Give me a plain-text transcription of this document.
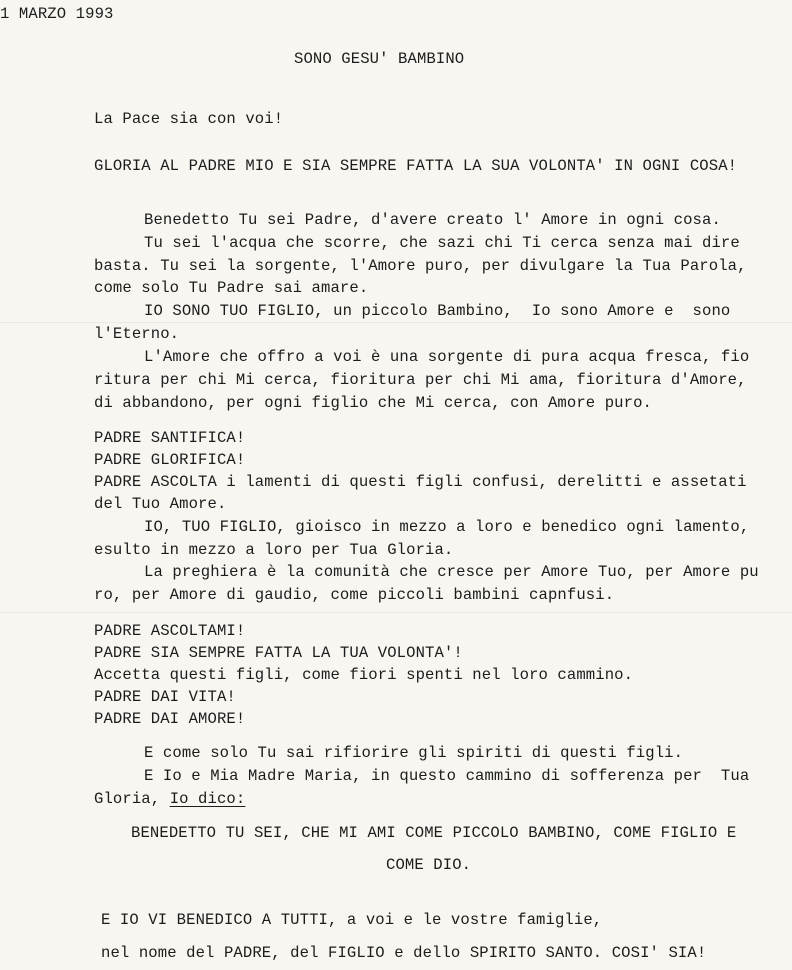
1 MARZO 1993
SONO GESU' BAMBINO
La Pace sia con voi!
GLORIA AL PADRE MIO E SIA SEMPRE FATTA LA SUA VOLONTA' IN OGNI COSA!
Benedetto Tu sei Padre, d'avere creato l' Amore in ogni cosa.
Tu sei l'acqua che scorre, che sazi chi Ti cerca senza mai dire
basta. Tu sei la sorgente, l'Amore puro, per divulgare la Tua Parola,
come solo Tu Padre sai amare.
IO SONO TUO FIGLIO, un piccolo Bambino,  Io sono Amore e  sono
l'Eterno.
L'Amore che offro a voi è una sorgente di pura acqua fresca, fio
ritura per chi Mi cerca, fioritura per chi Mi ama, fioritura d'Amore,
di abbandono, per ogni figlio che Mi cerca, con Amore puro.
PADRE SANTIFICA!
PADRE GLORIFICA!
PADRE ASCOLTA i lamenti di questi figli confusi, derelitti e assetati
del Tuo Amore.
IO, TUO FIGLIO, gioisco in mezzo a loro e benedico ogni lamento,
esulto in mezzo a loro per Tua Gloria.
La preghiera è la comunità che cresce per Amore Tuo, per Amore pu
ro, per Amore di gaudio, come piccoli bambini capnfusi.
PADRE ASCOLTAMI!
PADRE SIA SEMPRE FATTA LA TUA VOLONTA'!
Accetta questi figli, come fiori spenti nel loro cammino.
PADRE DAI VITA!
PADRE DAI AMORE!
E come solo Tu sai rifiorire gli spiriti di questi figli.
E Io e Mia Madre Maria, in questo cammino di sofferenza per  Tua
Gloria, Io dico:
BENEDETTO TU SEI, CHE MI AMI COME PICCOLO BAMBINO, COME FIGLIO E
COME DIO.
E IO VI BENEDICO A TUTTI, a voi e le vostre famiglie,
nel nome del PADRE, del FIGLIO e dello SPIRITO SANTO. COSI' SIA!
